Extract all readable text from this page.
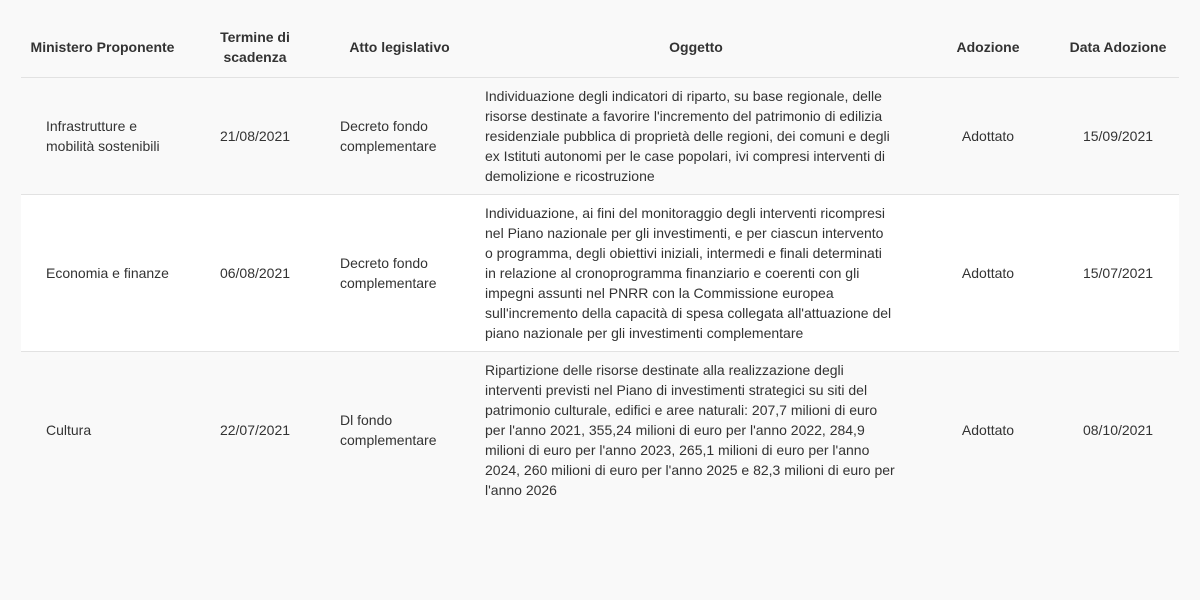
Ministero Proponente	Termine di scadenza	Atto legislativo	Oggetto	Adozione	Data Adozione
Infrastrutture e mobilità sostenibili	21/08/2021	Decreto fondo complementare	Individuazione degli indicatori di riparto, su base regionale, delle risorse destinate a favorire l'incremento del patrimonio di edilizia residenziale pubblica di proprietà delle regioni, dei comuni e degli ex Istituti autonomi per le case popolari, ivi compresi interventi di demolizione e ricostruzione	Adottato	15/09/2021
Economia e finanze	06/08/2021	Decreto fondo complementare	Individuazione, ai fini del monitoraggio degli interventi ricompresi nel Piano nazionale per gli investimenti, e per ciascun intervento o programma, degli obiettivi iniziali, intermedi e finali determinati in relazione al cronoprogramma finanziario e coerenti con gli impegni assunti nel PNRR con la Commissione europea sull'incremento della capacità di spesa collegata all'attuazione del piano nazionale per gli investimenti complementare	Adottato	15/07/2021
Cultura	22/07/2021	Dl fondo complementare	Ripartizione delle risorse destinate alla realizzazione degli interventi previsti nel Piano di investimenti strategici su siti del patrimonio culturale, edifici e aree naturali: 207,7 milioni di euro per l'anno 2021, 355,24 milioni di euro per l'anno 2022, 284,9 milioni di euro per l'anno 2023, 265,1 milioni di euro per l'anno 2024, 260 milioni di euro per l'anno 2025 e 82,3 milioni di euro per l'anno 2026	Adottato	08/10/2021
